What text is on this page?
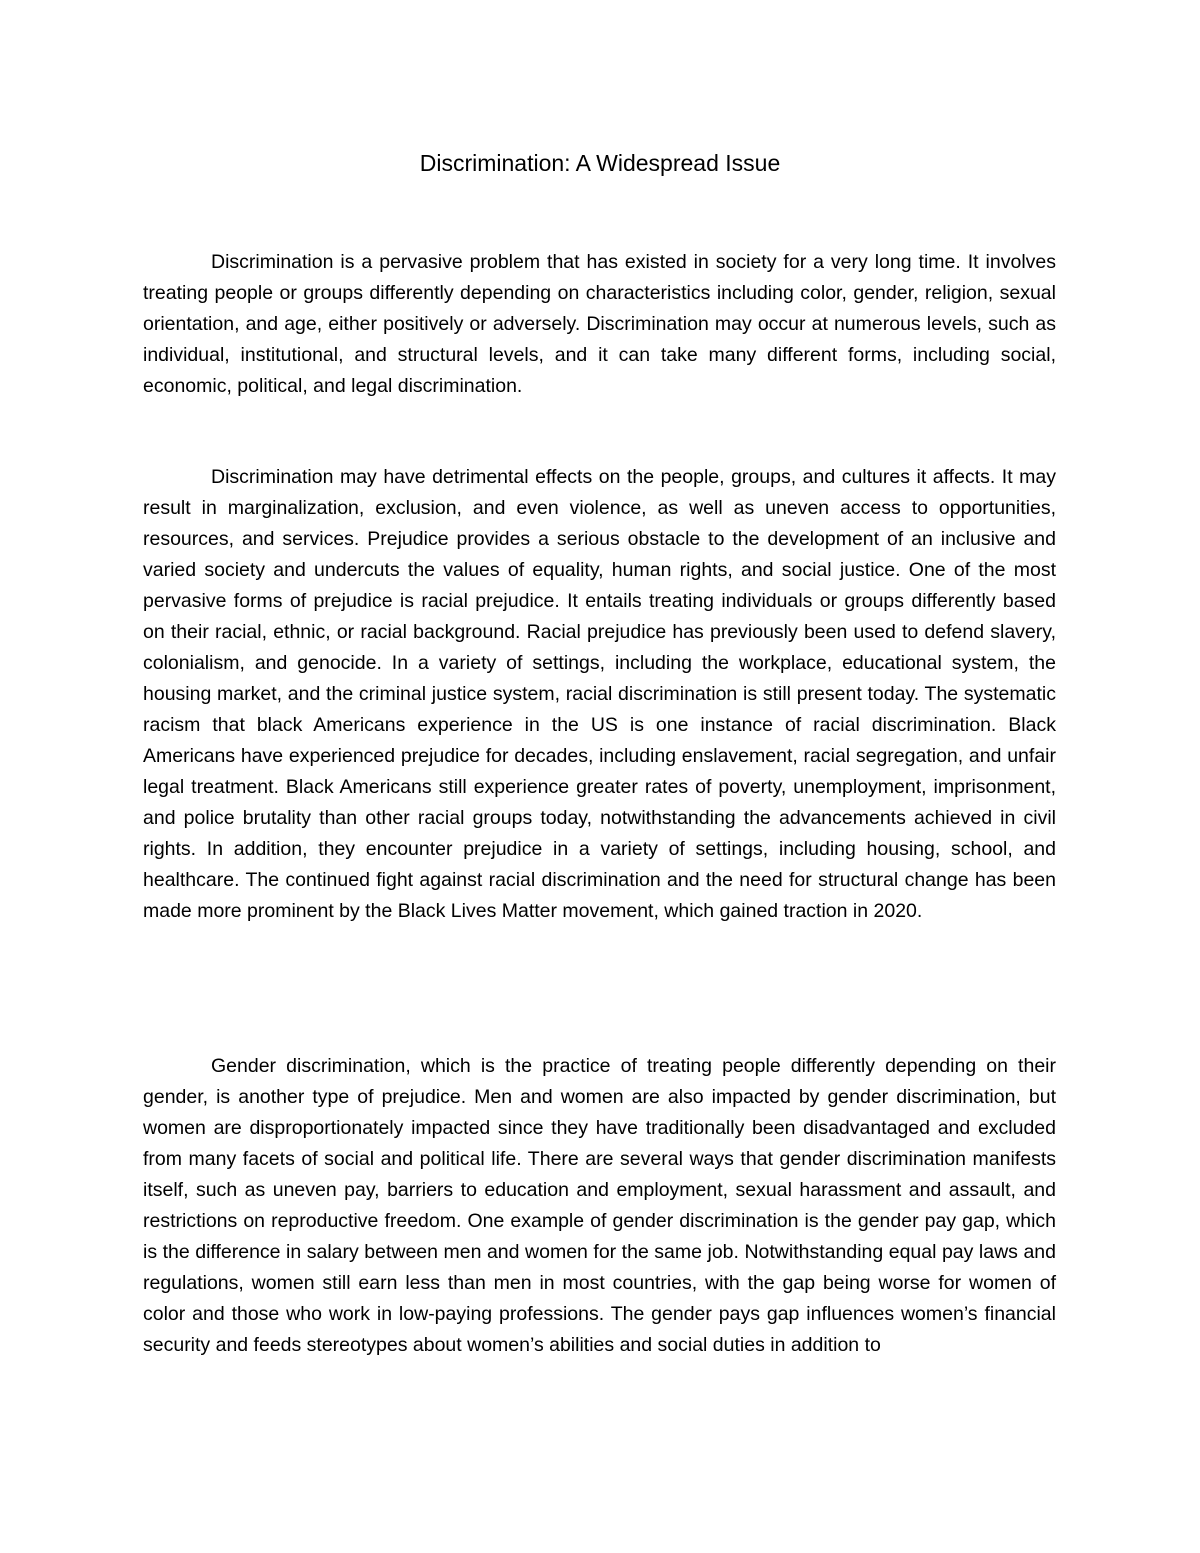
Discrimination: A Widespread Issue

Discrimination is a pervasive problem that has existed in society for a very long time. It involves treating people or groups differently depending on characteristics including color, gender, religion, sexual orientation, and age, either positively or adversely. Discrimination may occur at numerous levels, such as individual, institutional, and structural levels, and it can take many different forms, including social, economic, political, and legal discrimination.

Discrimination may have detrimental effects on the people, groups, and cultures it affects. It may result in marginalization, exclusion, and even violence, as well as uneven access to opportunities, resources, and services. Prejudice provides a serious obstacle to the development of an inclusive and varied society and undercuts the values of equality, human rights, and social justice. One of the most pervasive forms of prejudice is racial prejudice. It entails treating individuals or groups differently based on their racial, ethnic, or racial background. Racial prejudice has previously been used to defend slavery, colonialism, and genocide. In a variety of settings, including the workplace, educational system, the housing market, and the criminal justice system, racial discrimination is still present today. The systematic racism that black Americans experience in the US is one instance of racial discrimination. Black Americans have experienced prejudice for decades, including enslavement, racial segregation, and unfair legal treatment. Black Americans still experience greater rates of poverty, unemployment, imprisonment, and police brutality than other racial groups today, notwithstanding the advancements achieved in civil rights. In addition, they encounter prejudice in a variety of settings, including housing, school, and healthcare. The continued fight against racial discrimination and the need for structural change has been made more prominent by the Black Lives Matter movement, which gained traction in 2020.

Gender discrimination, which is the practice of treating people differently depending on their gender, is another type of prejudice. Men and women are also impacted by gender discrimination, but women are disproportionately impacted since they have traditionally been disadvantaged and excluded from many facets of social and political life. There are several ways that gender discrimination manifests itself, such as uneven pay, barriers to education and employment, sexual harassment and assault, and restrictions on reproductive freedom. One example of gender discrimination is the gender pay gap, which is the difference in salary between men and women for the same job. Notwithstanding equal pay laws and regulations, women still earn less than men in most countries, with the gap being worse for women of color and those who work in low-paying professions. The gender pays gap influences women’s financial security and feeds stereotypes about women’s abilities and social duties in addition to
